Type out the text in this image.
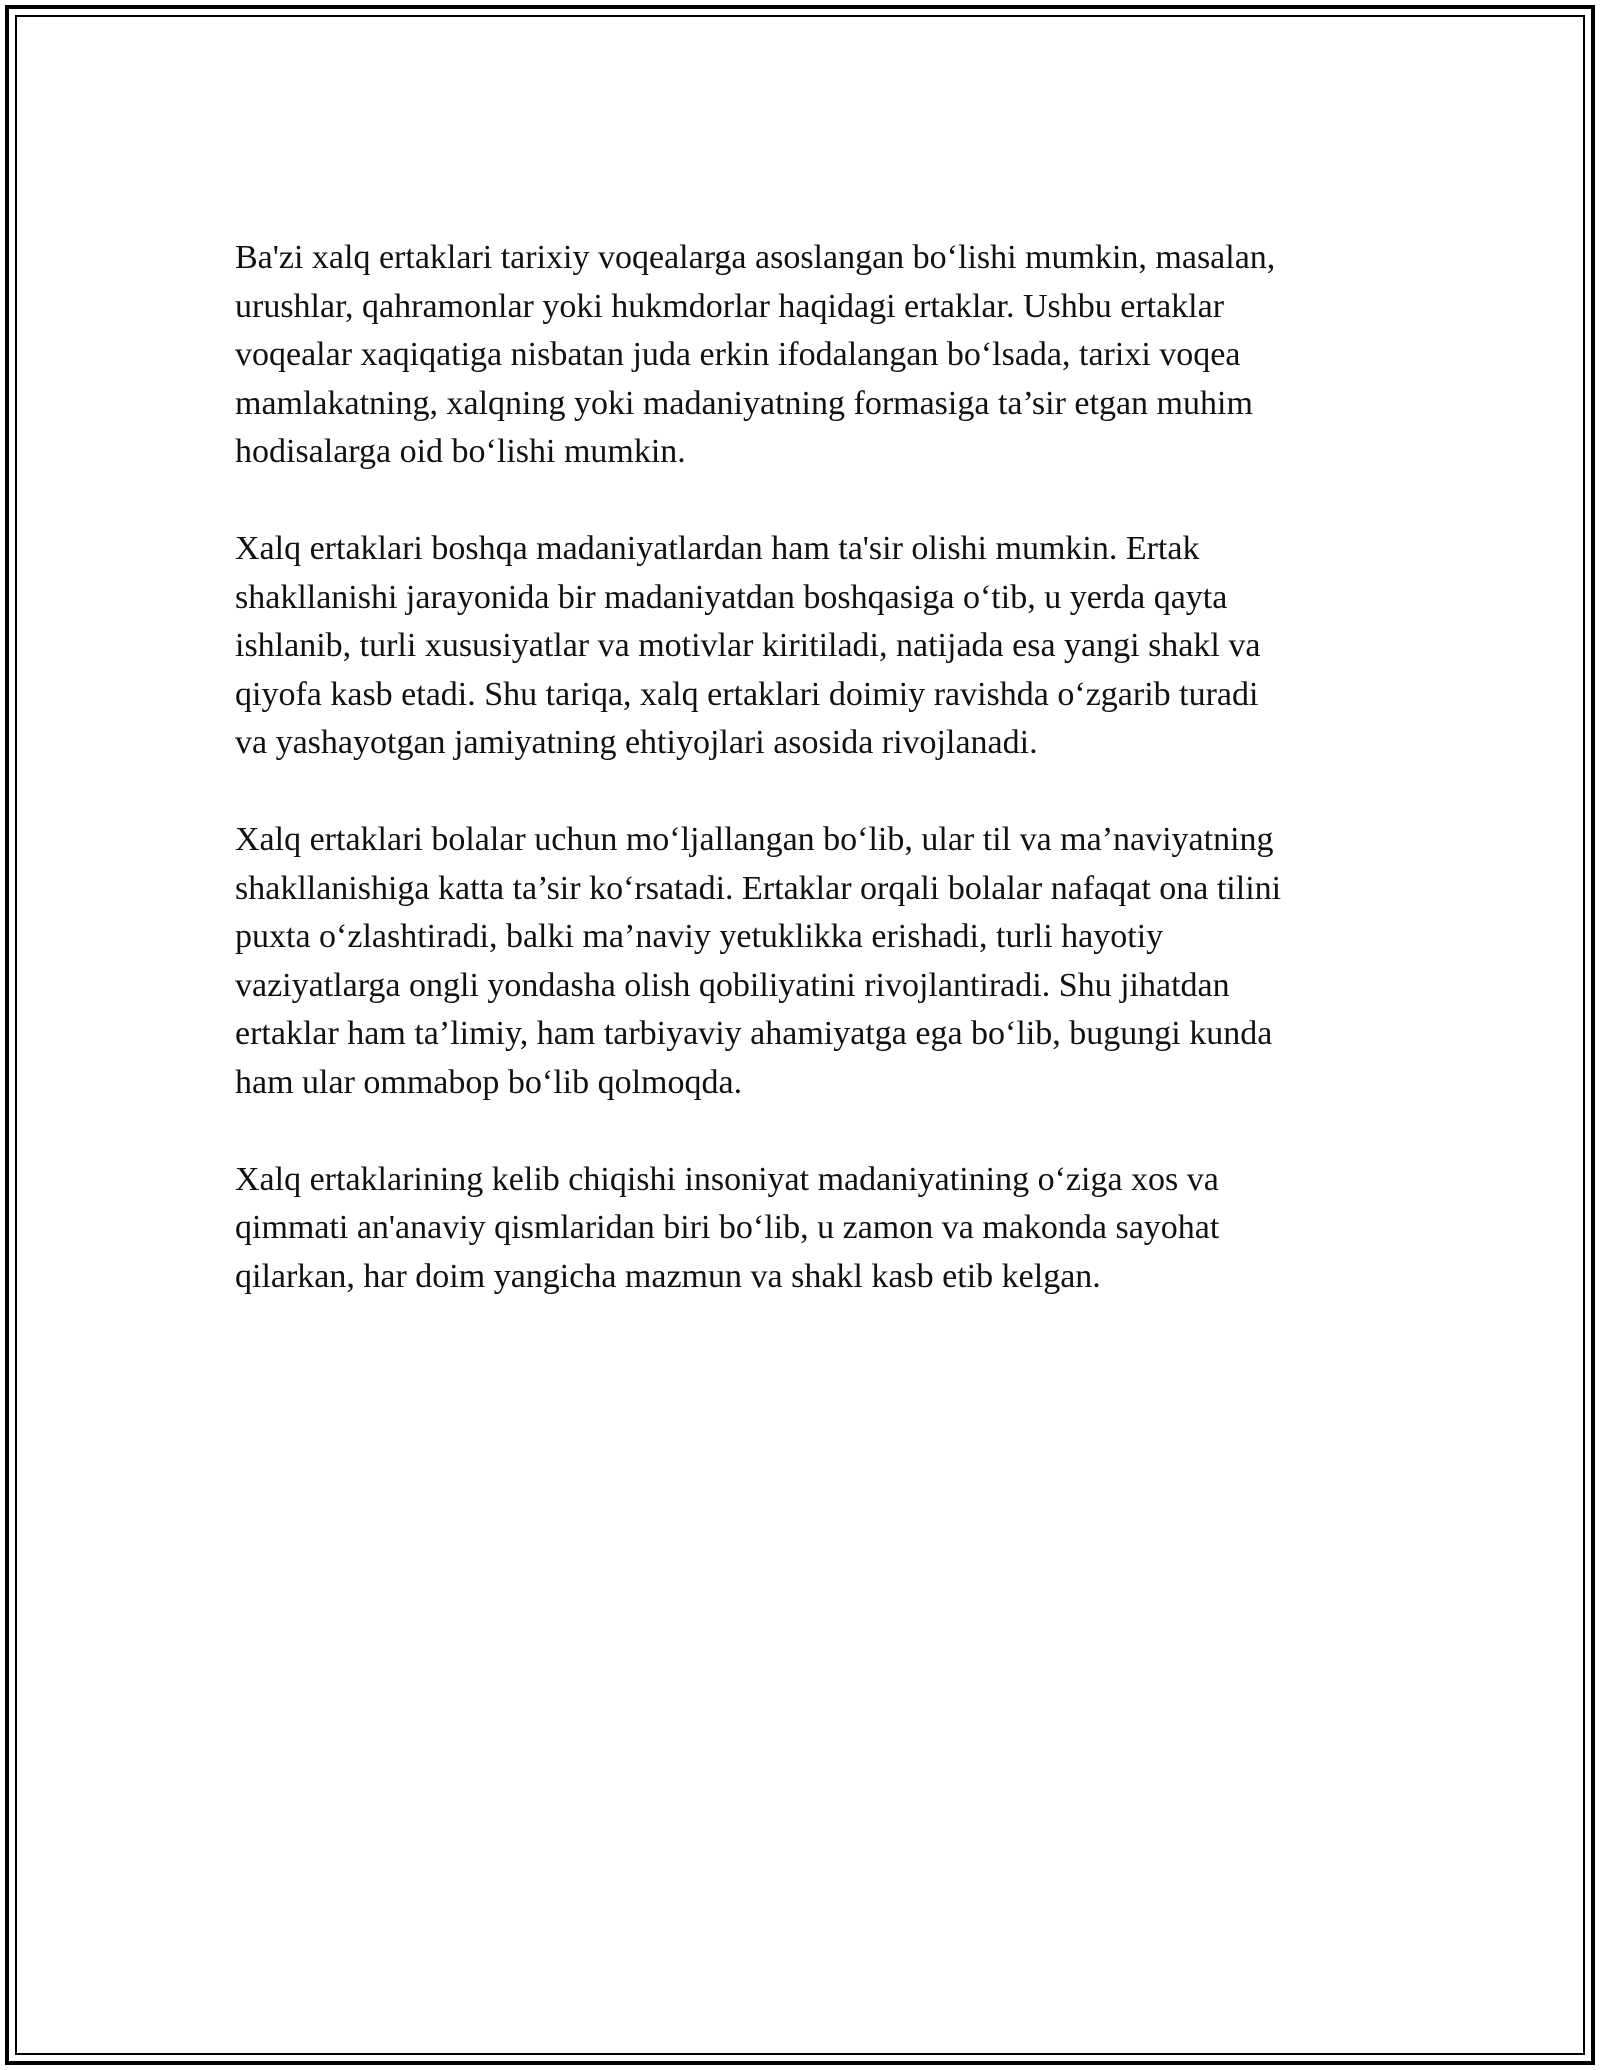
Ba'zi xalq ertaklari tarixiy voqealarga asoslangan bo‘lishi mumkin, masalan,
urushlar, qahramonlar yoki hukmdorlar haqidagi ertaklar. Ushbu ertaklar
voqealar xaqiqatiga nisbatan juda erkin ifodalangan bo‘lsada, tarixi voqea
mamlakatning, xalqning yoki madaniyatning formasiga ta’sir etgan muhim
hodisalarga oid bo‘lishi mumkin.

Xalq ertaklari boshqa madaniyatlardan ham ta'sir olishi mumkin. Ertak
shakllanishi jarayonida bir madaniyatdan boshqasiga o‘tib, u yerda qayta
ishlanib, turli xususiyatlar va motivlar kiritiladi, natijada esa yangi shakl va
qiyofa kasb etadi. Shu tariqa, xalq ertaklari doimiy ravishda o‘zgarib turadi
va yashayotgan jamiyatning ehtiyojlari asosida rivojlanadi.

Xalq ertaklari bolalar uchun mo‘ljallangan bo‘lib, ular til va ma’naviyatning
shakllanishiga katta ta’sir ko‘rsatadi. Ertaklar orqali bolalar nafaqat ona tilini
puxta o‘zlashtiradi, balki ma’naviy yetuklikka erishadi, turli hayotiy
vaziyatlarga ongli yondasha olish qobiliyatini rivojlantiradi. Shu jihatdan
ertaklar ham ta’limiy, ham tarbiyaviy ahamiyatga ega bo‘lib, bugungi kunda
ham ular ommabop bo‘lib qolmoqda.

Xalq ertaklarining kelib chiqishi insoniyat madaniyatining o‘ziga xos va
qimmati an'anaviy qismlaridan biri bo‘lib, u zamon va makonda sayohat
qilarkan, har doim yangicha mazmun va shakl kasb etib kelgan.
